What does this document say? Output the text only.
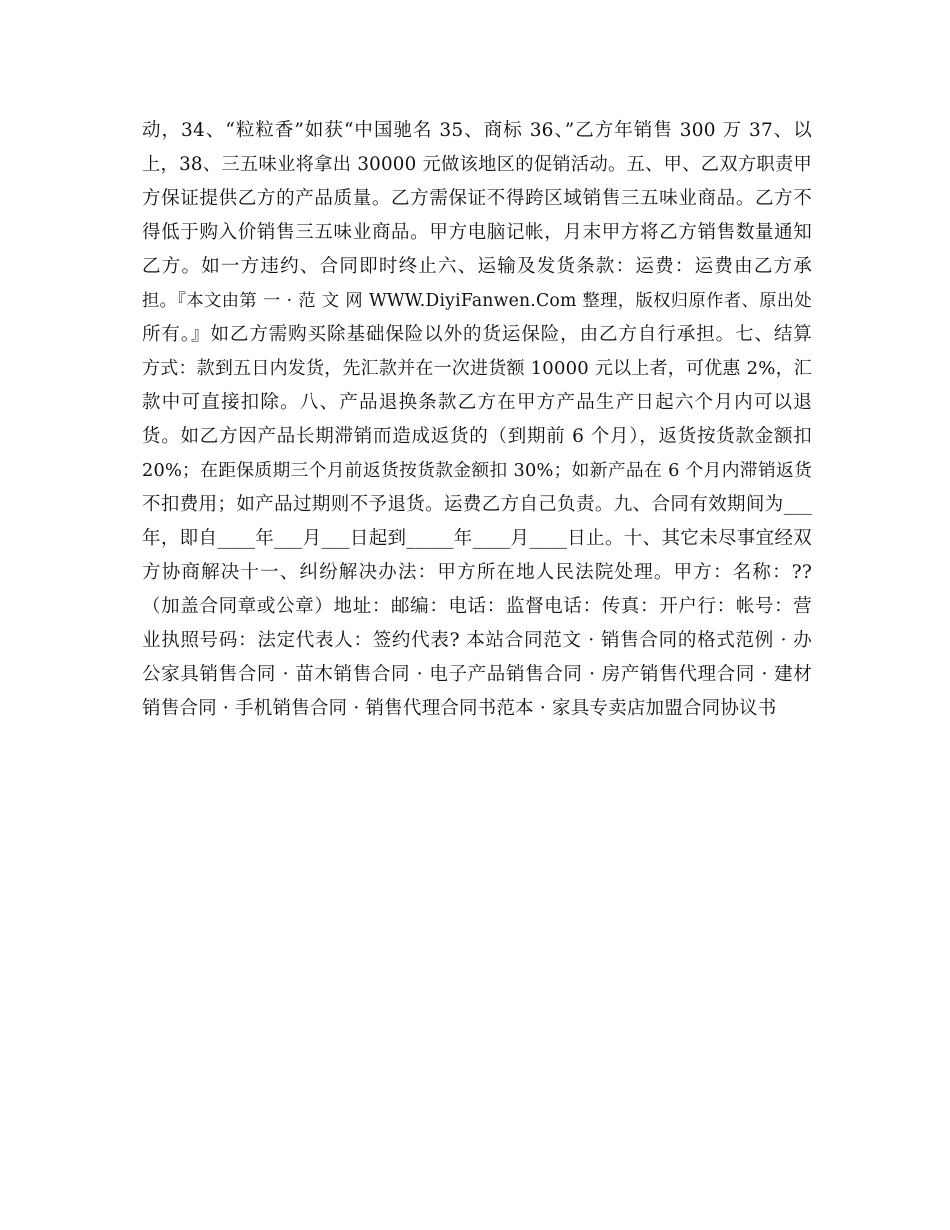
动，34、“粒粒香”如获“中国驰名 35、商标 36、”乙方年销售 300 万 37、以
上，38、三五味业将拿出 30000 元做该地区的促销活动。五、甲、乙双方职责甲
方保证提供乙方的产品质量。乙方需保证不得跨区域销售三五味业商品。乙方不
得低于购入价销售三五味业商品。甲方电脑记帐，月末甲方将乙方销售数量通知
乙方。如一方违约、合同即时终止六、运输及发货条款：运费：运费由乙方承
担。『本文由第 一 · 范 文 网 WWW.DiyiFanwen.Com 整理，版权归原作者、原出处
所有。』如乙方需购买除基础保险以外的货运保险，由乙方自行承担。七、结算
方式：款到五日内发货，先汇款并在一次进货额 10000 元以上者，可优惠 2%，汇
款中可直接扣除。八、产品退换条款乙方在甲方产品生产日起六个月内可以退
货。如乙方因产品长期滞销而造成返货的（到期前 6 个月），返货按货款金额扣
20%；在距保质期三个月前返货按货款金额扣 30%；如新产品在 6 个月内滞销返货
不扣费用；如产品过期则不予退货。运费乙方自己负责。九、合同有效期间为___
年，即自____年___月___日起到_____年____月____日止。十、其它未尽事宜经双
方协商解决十一、纠纷解决办法：甲方所在地人民法院处理。甲方：名称：??
（加盖合同章或公章）地址：邮编：电话：监督电话：传真：开户行：帐号：营
业执照号码：法定代表人：签约代表? 本站合同范文 · 销售合同的格式范例 · 办
公家具销售合同 · 苗木销售合同 · 电子产品销售合同 · 房产销售代理合同 · 建材
销售合同 · 手机销售合同 · 销售代理合同书范本 · 家具专卖店加盟合同协议书
